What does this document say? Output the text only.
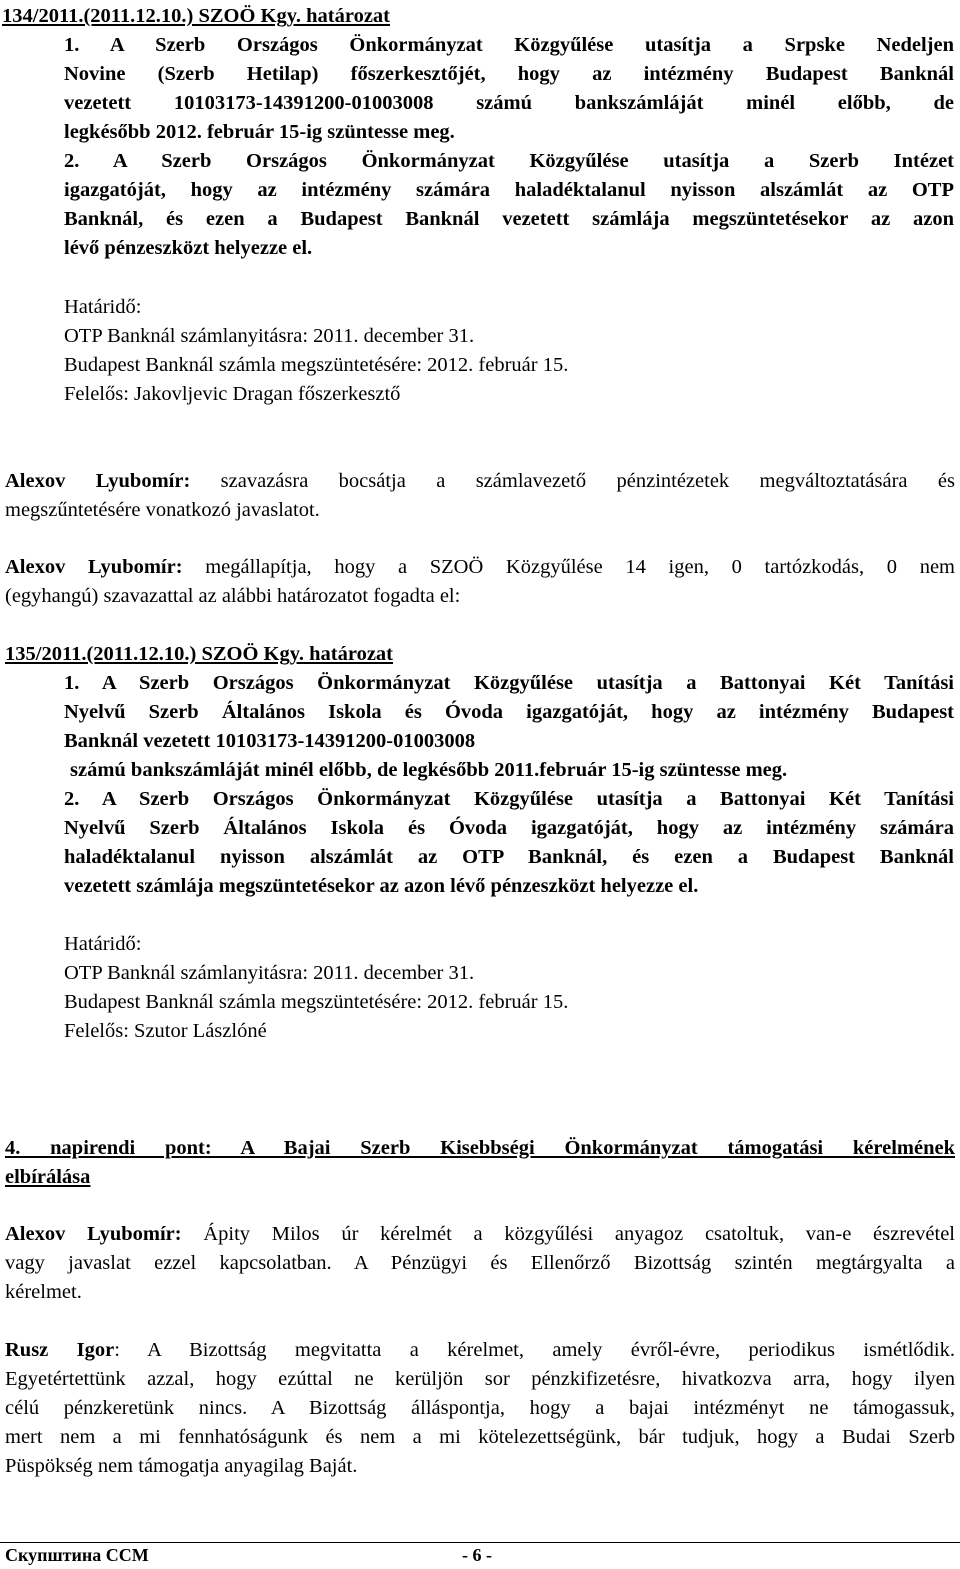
134/2011.(2011.12.10.) SZOÖ Kgy. határozat
1. A Szerb Országos Önkormányzat Közgyűlése utasítja a Srpske Nedeljen
Novine (Szerb Hetilap) főszerkesztőjét, hogy az intézmény Budapest Banknál
vezetett 10103173-14391200-01003008 számú bankszámláját minél előbb, de
legkésőbb 2012. február 15-ig szüntesse meg.
2. A Szerb Országos Önkormányzat Közgyűlése utasítja a Szerb Intézet
igazgatóját, hogy az intézmény számára haladéktalanul nyisson alszámlát az OTP
Banknál, és ezen a Budapest Banknál vezetett számlája megszüntetésekor az azon
lévő pénzeszközt helyezze el.
Határidő:
OTP Banknál számlanyitásra: 2011. december 31.
Budapest Banknál számla megszüntetésére: 2012. február 15.
Felelős: Jakovljevic Dragan főszerkesztő
Alexov Lyubomír: szavazásra bocsátja a számlavezető pénzintézetek megváltoztatására és
megszűntetésére vonatkozó javaslatot.
Alexov Lyubomír: megállapítja, hogy a SZOÖ Közgyűlése 14 igen, 0 tartózkodás, 0 nem
(egyhangú) szavazattal az alábbi határozatot fogadta el:
135/2011.(2011.12.10.) SZOÖ Kgy. határozat
1. A Szerb Országos Önkormányzat Közgyűlése utasítja a Battonyai Két Tanítási
Nyelvű Szerb Általános Iskola és Óvoda igazgatóját, hogy az intézmény Budapest
Banknál vezetett 10103173-14391200-01003008
számú bankszámláját minél előbb, de legkésőbb 2011.február 15-ig szüntesse meg.
2. A Szerb Országos Önkormányzat Közgyűlése utasítja a Battonyai Két Tanítási
Nyelvű Szerb Általános Iskola és Óvoda igazgatóját, hogy az intézmény számára
haladéktalanul nyisson alszámlát az OTP Banknál, és ezen a Budapest Banknál
vezetett számlája megszüntetésekor az azon lévő pénzeszközt helyezze el.
Határidő:
OTP Banknál számlanyitásra: 2011. december 31.
Budapest Banknál számla megszüntetésére: 2012. február 15.
Felelős: Szutor Lászlóné
4. napirendi pont: A Bajai Szerb Kisebbségi Önkormányzat támogatási kérelmének
elbírálása
Alexov Lyubomír: Ápity Milos úr kérelmét a közgyűlési anyagoz csatoltuk, van-e észrevétel
vagy javaslat ezzel kapcsolatban. A Pénzügyi és Ellenőrző Bizottság szintén megtárgyalta a
kérelmet.
Rusz Igor: A Bizottság megvitatta a kérelmet, amely évről-évre, periodikus ismétlődik.
Egyetértettünk azzal, hogy ezúttal ne kerüljön sor pénzkifizetésre, hivatkozva arra, hogy ilyen
célú pénzkeretünk nincs. A Bizottság álláspontja, hogy a bajai intézményt ne támogassuk,
mert nem a mi fennhatóságunk és nem a mi kötelezettségünk, bár tudjuk, hogy a Budai Szerb
Püspökség nem támogatja anyagilag Baját.
Скупштина ССМ	- 6 -
